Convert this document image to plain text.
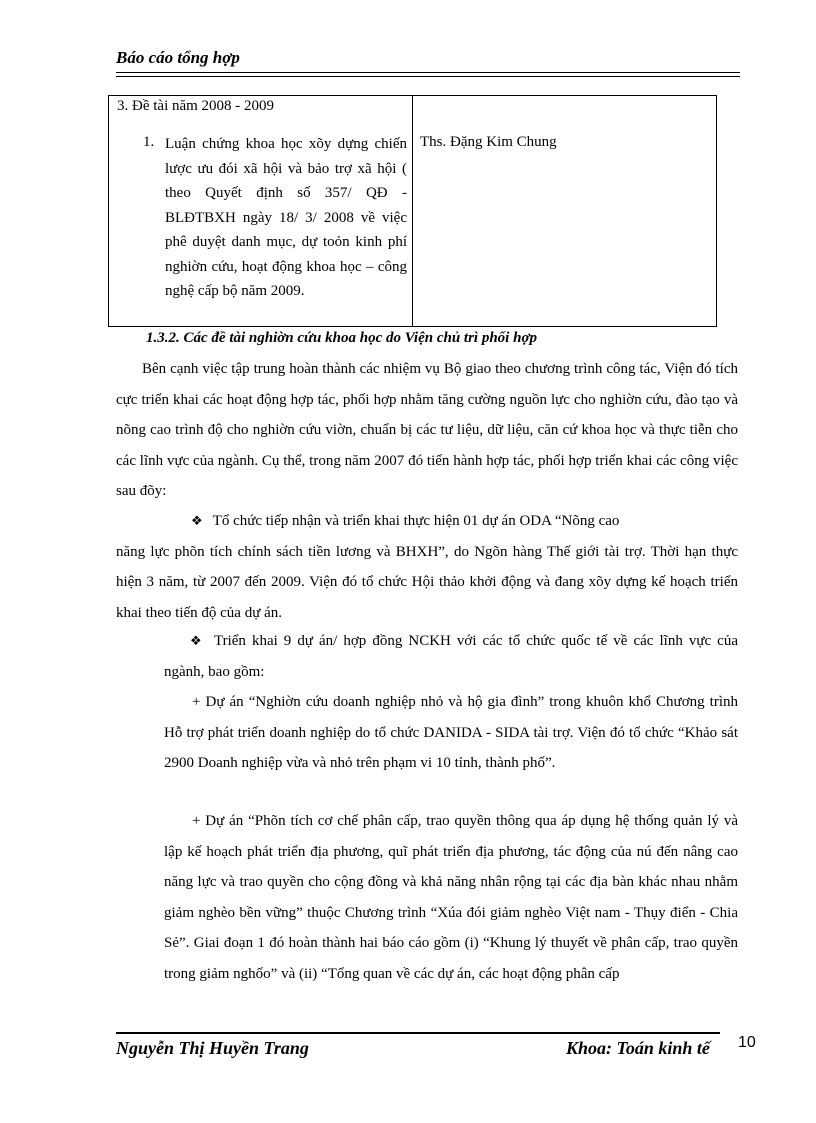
Báo cáo tổng hợp
3. Đề tài năm 2008 - 2009
1. Luận chứng khoa học xõy dựng chiến lược ưu đói xã hội và bảo trợ xã hội ( theo Quyết định số 357/ QĐ - BLĐTBXH ngày 18/ 3/ 2008 về việc phê duyệt danh mục, dự toỏn kinh phí nghiờn cứu, hoạt động khoa học – công nghệ cấp bộ năm 2009.
Ths. Đặng Kim Chung
1.3.2. Các đề tài nghiờn cứu khoa học do Viện chủ trì phối hợp
Bên cạnh việc tập trung hoàn thành các nhiệm vụ Bộ giao theo chương trình công tác, Viện đó tích cực triển khai các hoạt động hợp tác, phối hợp nhằm tăng cường nguồn lực cho nghiờn cứu, đào tạo và nõng cao trình độ cho nghiờn cứu viờn, chuẩn bị các tư liệu, dữ liệu, căn cứ khoa học và thực tiễn cho các lĩnh vực của ngành. Cụ thể, trong năm 2007 đó tiến hành hợp tác, phối hợp triển khai các công việc sau đõy:
❖ Tổ chức tiếp nhận và triển khai thực hiện 01 dự án ODA “Nõng cao
năng lực phõn tích chính sách tiền lương và BHXH”, do Ngõn hàng Thế giới tài trợ. Thời hạn thực hiện 3 năm, từ 2007 đến 2009. Viện đó tổ chức Hội thảo khởi động và đang xõy dựng kế hoạch triển khai theo tiến độ của dự án.
❖ Triển khai 9 dự án/ hợp đồng NCKH với các tổ chức quốc tế về các lĩnh vực của ngành, bao gồm:
+ Dự án “Nghiờn cứu doanh nghiệp nhỏ và hộ gia đình” trong khuôn khổ Chương trình Hỗ trợ phát triển doanh nghiệp do tổ chức DANIDA - SIDA tài trợ. Viện đó tổ chức “Khảo sát 2900 Doanh nghiệp vừa và nhỏ trên phạm vi 10 tỉnh, thành phố”.
+ Dự án “Phõn tích cơ chế phân cấp, trao quyền thông qua áp dụng hệ thống quản lý và lập kế hoạch phát triển địa phương, quĩ phát triển địa phương, tác động của nú đến nâng cao năng lực và trao quyền cho cộng đồng và khả năng nhân rộng tại các địa bàn khác nhau nhằm giảm nghèo bền vững” thuộc Chương trình “Xúa đói giảm nghèo Việt nam - Thụy điển - Chia Sẻ”. Giai đoạn 1 đó hoàn thành hai báo cáo gồm (i) “Khung lý thuyết về phân cấp, trao quyền trong giảm nghốo” và (ii) “Tổng quan về các dự án, các hoạt động phân cấp
Nguyễn Thị Huyền Trang	Khoa: Toán kinh tế 10
